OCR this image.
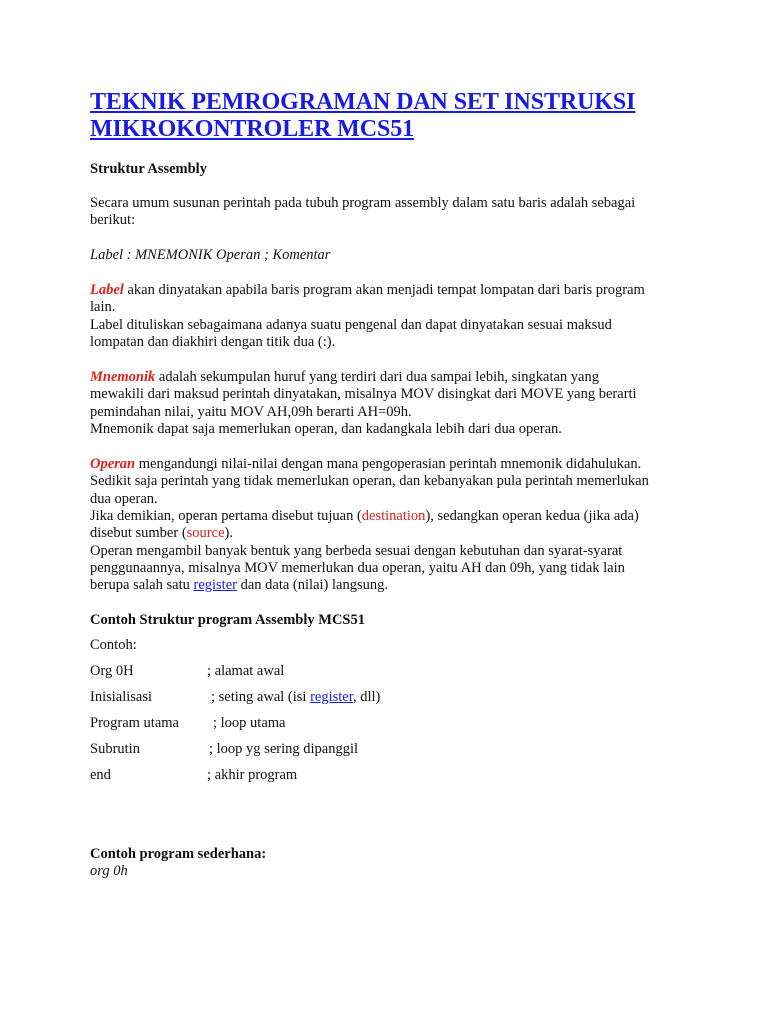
TEKNIK PEMROGRAMAN DAN SET INSTRUKSI
MIKROKONTROLER MCS51
Struktur Assembly
Secara umum susunan perintah pada tubuh program assembly dalam satu baris adalah sebagai
berikut:
Label : MNEMONIK Operan ; Komentar
Label akan dinyatakan apabila baris program akan menjadi tempat lompatan dari baris program
lain.
Label dituliskan sebagaimana adanya suatu pengenal dan dapat dinyatakan sesuai maksud
lompatan dan diakhiri dengan titik dua (:).
Mnemonik adalah sekumpulan huruf yang terdiri dari dua sampai lebih, singkatan yang
mewakili dari maksud perintah dinyatakan, misalnya MOV disingkat dari MOVE yang berarti
pemindahan nilai, yaitu MOV AH,09h berarti AH=09h.
Mnemonik dapat saja memerlukan operan, dan kadangkala lebih dari dua operan.
Operan mengandungi nilai-nilai dengan mana pengoperasian perintah mnemonik didahulukan.
Sedikit saja perintah yang tidak memerlukan operan, dan kebanyakan pula perintah memerlukan
dua operan.
Jika demikian, operan pertama disebut tujuan (destination), sedangkan operan kedua (jika ada)
disebut sumber (source).
Operan mengambil banyak bentuk yang berbeda sesuai dengan kebutuhan dan syarat-syarat
penggunaannya, misalnya MOV memerlukan dua operan, yaitu AH dan 09h, yang tidak lain
berupa salah satu register dan data (nilai) langsung.
Contoh Struktur program Assembly MCS51
Contoh:
Org 0H	; alamat awal
Inisialisasi	; seting awal (isi register, dll)
Program utama ; loop utama
Subrutin	; loop yg sering dipanggil
end	; akhir program
Contoh program sederhana:
org 0h
